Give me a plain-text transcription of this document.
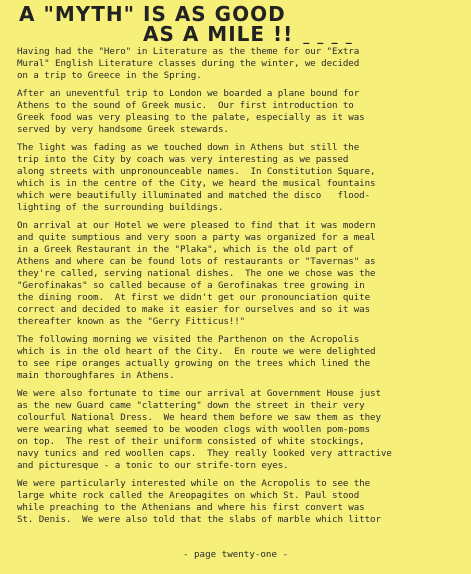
A "MYTH" IS AS GOOD
AS A MILE !! _ _ _ _

Having had the "Hero" in Literature as the theme for our "Extra
Mural" English Literature classes during the winter, we decided
on a trip to Greece in the Spring.

After an uneventful trip to London we boarded a plane bound for
Athens to the sound of Greek music.  Our first introduction to
Greek food was very pleasing to the palate, especially as it was
served by very handsome Greek stewards.

The light was fading as we touched down in Athens but still the
trip into the City by coach was very interesting as we passed
along streets with unpronounceable names.  In Constitution Square,
which is in the centre of the City, we heard the musical fountains
which were beautifully illuminated and matched the disco   flood-
lighting of the surrounding buildings.

On arrival at our Hotel we were pleased to find that it was modern
and quite sumptious and very soon a party was organized for a meal
in a Greek Restaurant in the "Plaka", which is the old part of
Athens and where can be found lots of restaurants or "Tavernas" as
they're called, serving national dishes.  The one we chose was the
"Gerofinakas" so called because of a Gerofinakas tree growing in
the dining room.  At first we didn't get our pronounciation quite
correct and decided to make it easier for ourselves and so it was
thereafter known as the "Gerry Fitticus!!"

The following morning we visited the Parthenon on the Acropolis
which is in the old heart of the City.  En route we were delighted
to see ripe oranges actually growing on the trees which lined the
main thoroughfares in Athens.

We were also fortunate to time our arrival at Government House just
as the new Guard came "clattering" down the street in their very
colourful National Dress.  We heard them before we saw them as they
were wearing what seemed to be wooden clogs with woollen pom-poms
on top.  The rest of their uniform consisted of white stockings,
navy tunics and red woollen caps.  They really looked very attractive
and picturesque - a tonic to our strife-torn eyes.

We were particularly interested while on the Acropolis to see the
large white rock called the Areopagites on which St. Paul stood
while preaching to the Athenians and where his first convert was
St. Denis.  We were also told that the slabs of marble which littor

- page twenty-one -
